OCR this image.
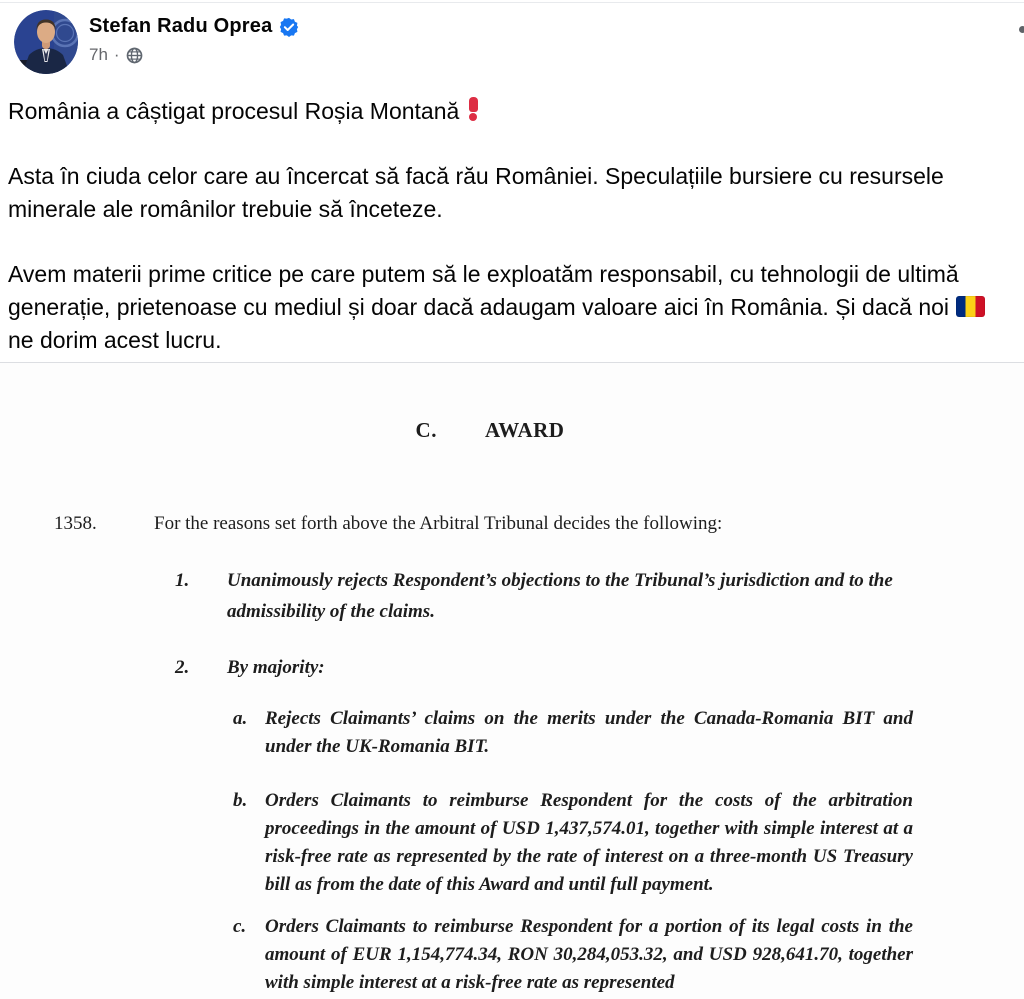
Stefan Radu Oprea
7h ·

România a câștigat procesul Roșia Montană

Asta în ciuda celor care au încercat să facă rău României. Speculațiile bursiere cu resursele minerale ale românilor trebuie să înceteze.

Avem materii prime critice pe care putem să le exploatăm responsabil, cu tehnologii de ultimă generație, prietenoase cu mediul și doar dacă adaugam valoare aici în România. Și dacă noine dorim acest lucru.

C. AWARD
1358.	For the reasons set forth above the Arbitral Tribunal decides the following:
1.	Unanimously rejects Respondent’s objections to the Tribunal’s jurisdiction and to the admissibility of the claims.
2.	By majority:
a. Rejects Claimants’ claims on the merits under the Canada-Romania BIT and under the UK-Romania BIT.
b. Orders Claimants to reimburse Respondent for the costs of the arbitration proceedings in the amount of USD 1,437,574.01, together with simple interest at a risk-free rate as represented by the rate of interest on a three-month US Treasury bill as from the date of this Award and until full payment.
c. Orders Claimants to reimburse Respondent for a portion of its legal costs in the amount of EUR 1,154,774.34, RON 30,284,053.32, and USD 928,641.70, together with simple interest at a risk-free rate as represented
